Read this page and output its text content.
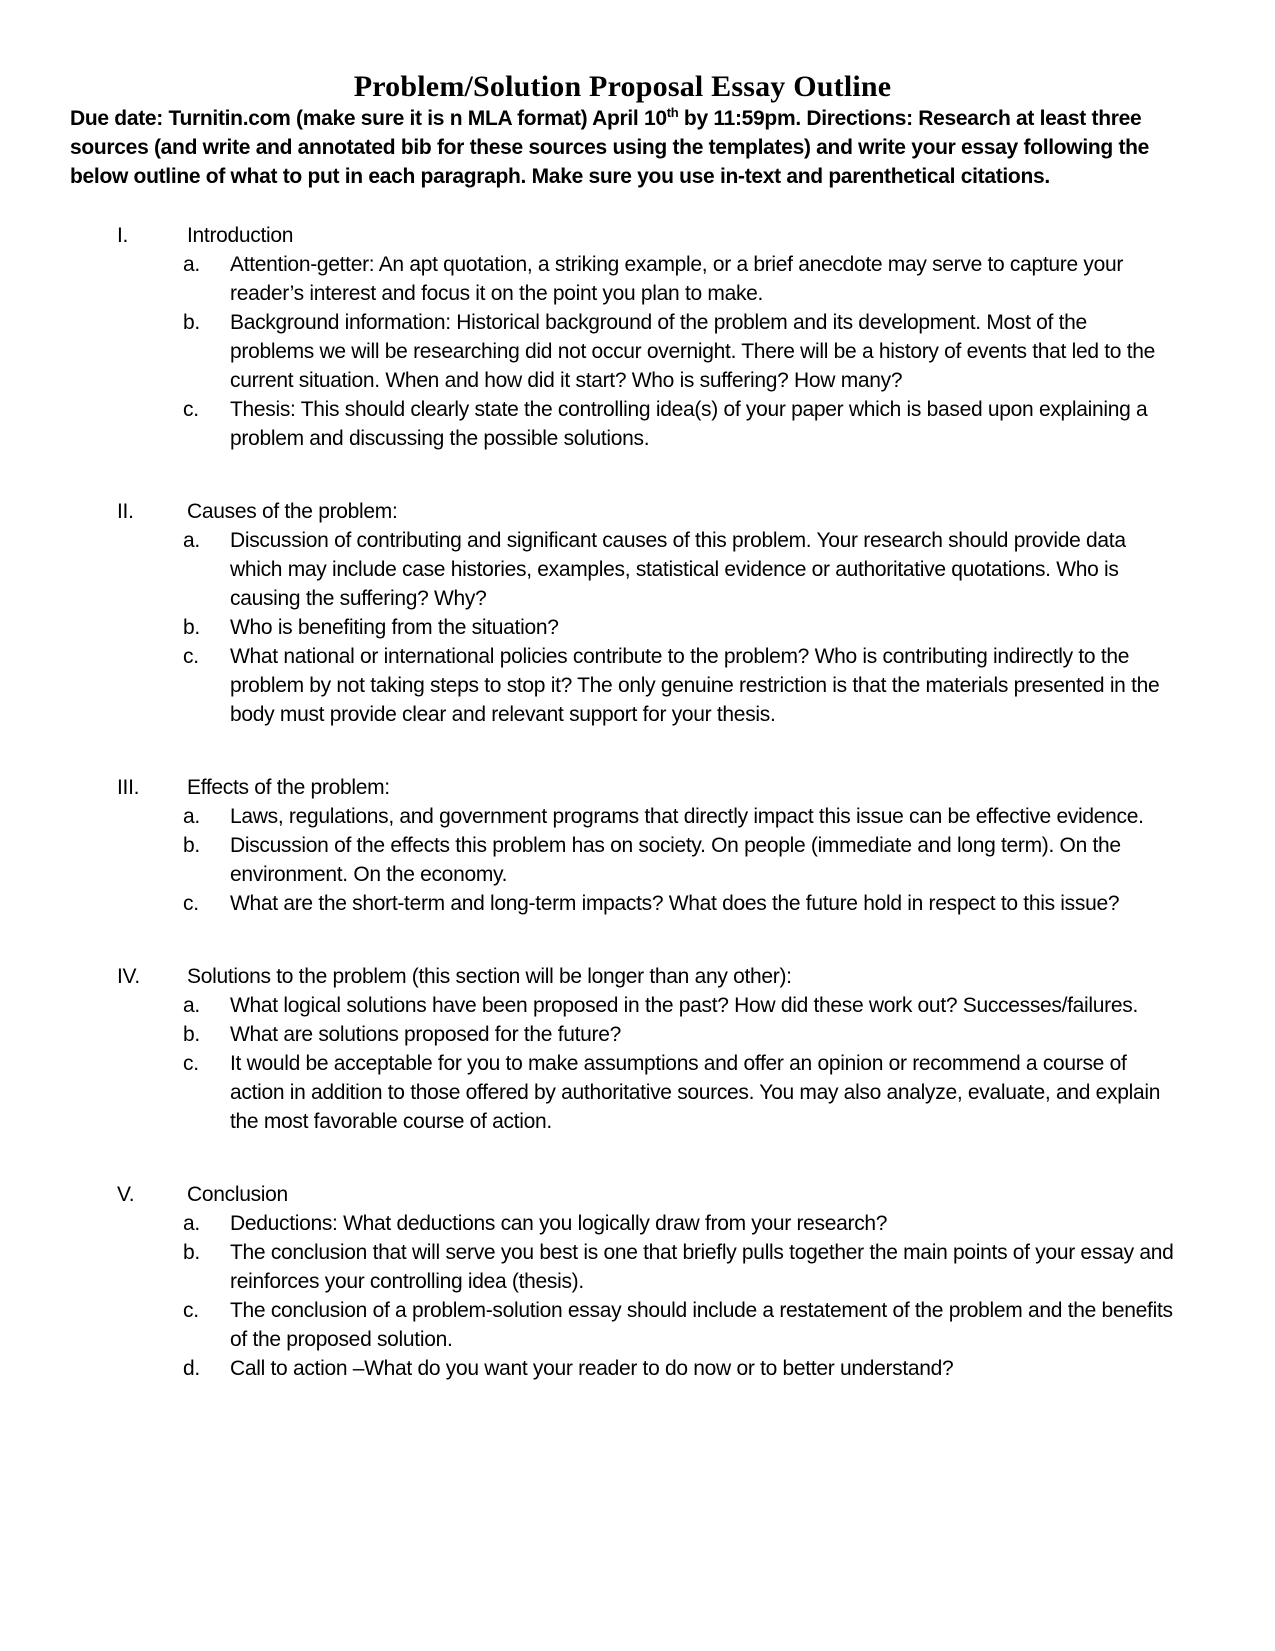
Problem/Solution Proposal Essay Outline

Due date: Turnitin.com (make sure it is n MLA format) April 10th by 11:59pm. Directions: Research at least three sources (and write and annotated bib for these sources using the templates) and write your essay following the below outline of what to put in each paragraph. Make sure you use in-text and parenthetical citations.

I.	Introduction
a.	Attention-getter: An apt quotation, a striking example, or a brief anecdote may serve to capture your reader’s interest and focus it on the point you plan to make.
b.	Background information: Historical background of the problem and its development. Most of the problems we will be researching did not occur overnight. There will be a history of events that led to the current situation. When and how did it start? Who is suffering? How many?
c.	Thesis: This should clearly state the controlling idea(s) of your paper which is based upon explaining a problem and discussing the possible solutions.
II.	Causes of the problem:
a.	Discussion of contributing and significant causes of this problem. Your research should provide data which may include case histories, examples, statistical evidence or authoritative quotations. Who is causing the suffering? Why?
b.	Who is benefiting from the situation?
c.	What national or international policies contribute to the problem? Who is contributing indirectly to the problem by not taking steps to stop it? The only genuine restriction is that the materials presented in the body must provide clear and relevant support for your thesis.
III.	Effects of the problem:
a.	Laws, regulations, and government programs that directly impact this issue can be effective evidence.
b.	Discussion of the effects this problem has on society. On people (immediate and long term). On the environment. On the economy.
c.	What are the short-term and long-term impacts? What does the future hold in respect to this issue?
IV.	Solutions to the problem (this section will be longer than any other):
a.	What logical solutions have been proposed in the past? How did these work out? Successes/failures.
b.	What are solutions proposed for the future?
c.	It would be acceptable for you to make assumptions and offer an opinion or recommend a course of action in addition to those offered by authoritative sources. You may also analyze, evaluate, and explain the most favorable course of action.
V.	Conclusion
a.	Deductions: What deductions can you logically draw from your research?
b.	The conclusion that will serve you best is one that briefly pulls together the main points of your essay and reinforces your controlling idea (thesis).
c.	The conclusion of a problem-solution essay should include a restatement of the problem and the benefits of the proposed solution.
d.	Call to action –What do you want your reader to do now or to better understand?
